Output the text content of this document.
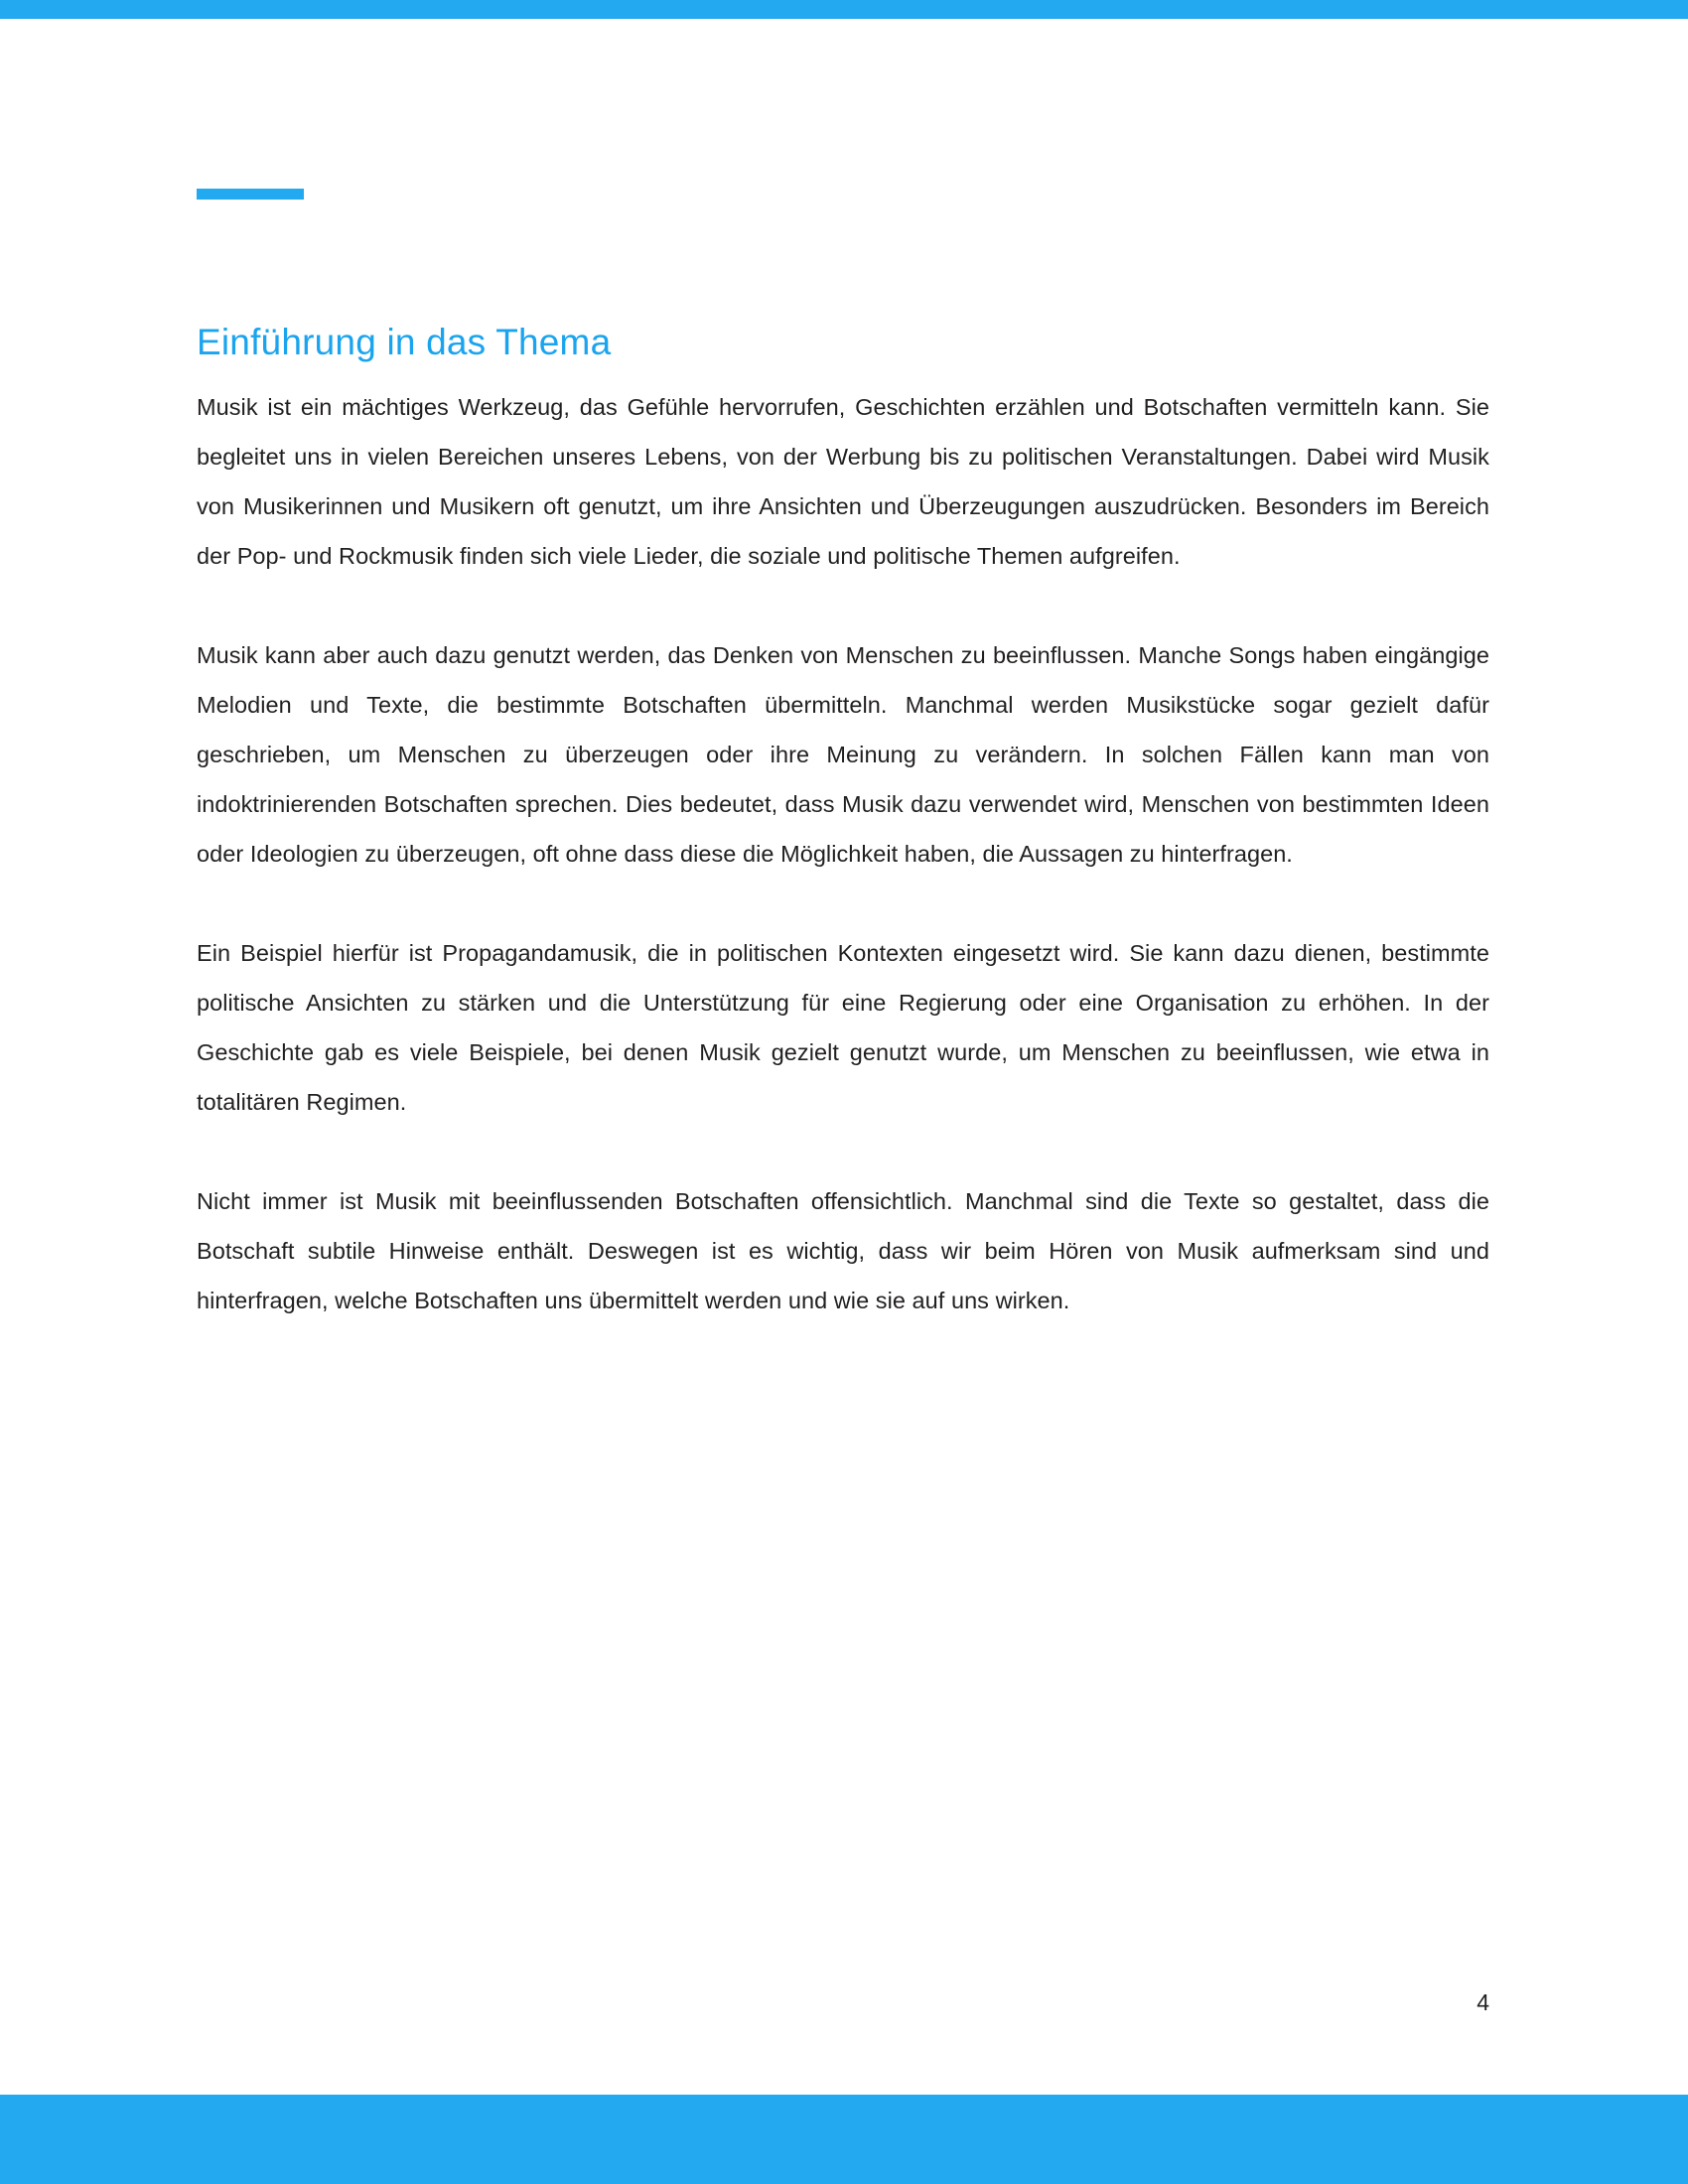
Einführung in das Thema

Musik ist ein mächtiges Werkzeug, das Gefühle hervorrufen, Geschichten erzählen und Botschaften vermitteln kann. Sie begleitet uns in vielen Bereichen unseres Lebens, von der Werbung bis zu politischen Veranstaltungen. Dabei wird Musik von Musikerinnen und Musikern oft genutzt, um ihre Ansichten und Überzeugungen auszudrücken. Besonders im Bereich der Pop- und Rockmusik finden sich viele Lieder, die soziale und politische Themen aufgreifen.

Musik kann aber auch dazu genutzt werden, das Denken von Menschen zu beeinflussen. Manche Songs haben eingängige Melodien und Texte, die bestimmte Botschaften übermitteln. Manchmal werden Musikstücke sogar gezielt dafür geschrieben, um Menschen zu überzeugen oder ihre Meinung zu verändern. In solchen Fällen kann man von indoktrinierenden Botschaften sprechen. Dies bedeutet, dass Musik dazu verwendet wird, Menschen von bestimmten Ideen oder Ideologien zu überzeugen, oft ohne dass diese die Möglichkeit haben, die Aussagen zu hinterfragen.

Ein Beispiel hierfür ist Propagandamusik, die in politischen Kontexten eingesetzt wird. Sie kann dazu dienen, bestimmte politische Ansichten zu stärken und die Unterstützung für eine Regierung oder eine Organisation zu erhöhen. In der Geschichte gab es viele Beispiele, bei denen Musik gezielt genutzt wurde, um Menschen zu beeinflussen, wie etwa in totalitären Regimen.

Nicht immer ist Musik mit beeinflussenden Botschaften offensichtlich. Manchmal sind die Texte so gestaltet, dass die Botschaft subtile Hinweise enthält. Deswegen ist es wichtig, dass wir beim Hören von Musik aufmerksam sind und hinterfragen, welche Botschaften uns übermittelt werden und wie sie auf uns wirken.

4
